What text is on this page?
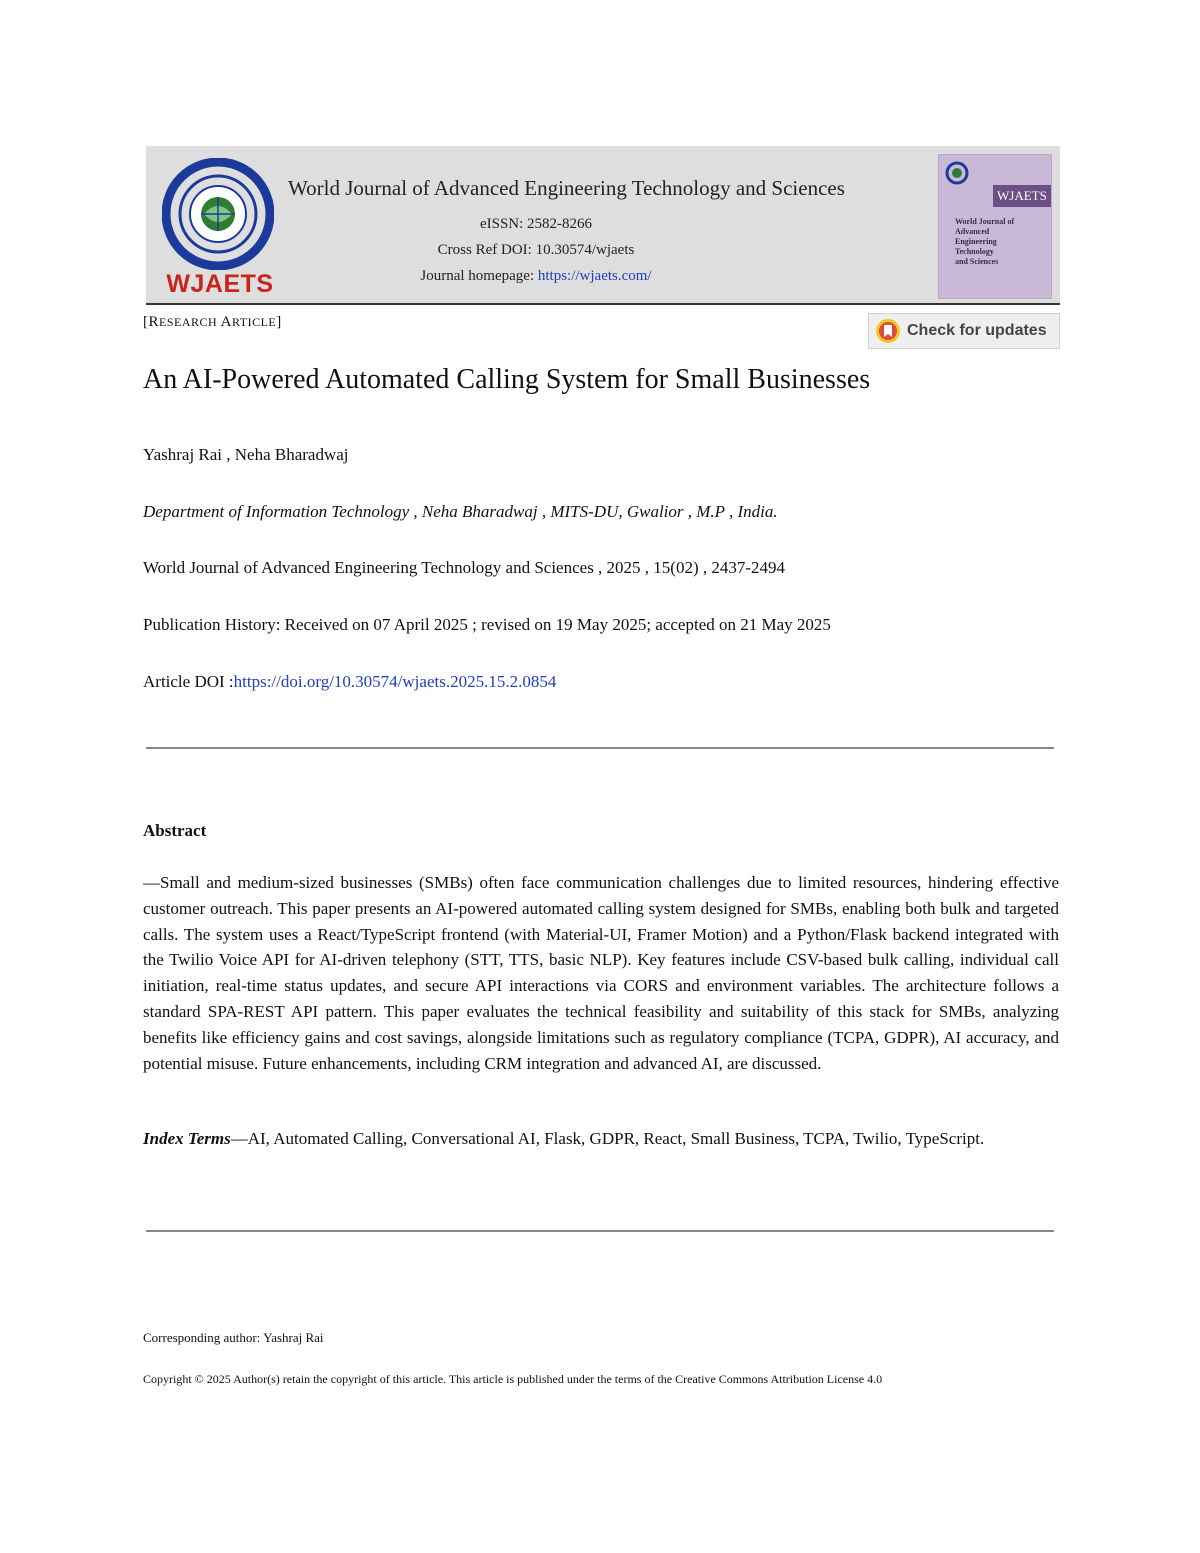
WJAETS
World Journal of Advanced Engineering Technology and Sciences
eISSN: 2582-8266
Cross Ref DOI: 10.30574/wjaets
Journal homepage: https://wjaets.com/
WJAETS
World Journal of
Advanced
Engineering
Technology
and Sciences
[RESEARCH ARTICLE]	Check for updates
An AI-Powered Automated Calling System for Small Businesses
Yashraj Rai , Neha Bharadwaj
Department of Information Technology , Neha Bharadwaj , MITS-DU, Gwalior , M.P , India.
World Journal of Advanced Engineering Technology and Sciences , 2025 , 15(02) , 2437-2494
Publication History: Received on 07 April 2025 ; revised on 19 May 2025; accepted on 21 May 2025
Article DOI :https://doi.org/10.30574/wjaets.2025.15.2.0854
Abstract
—Small and medium-sized businesses (SMBs) often face communication challenges due to limited resources, hindering effective customer outreach. This paper presents an AI-powered automated calling system designed for SMBs, enabling both bulk and targeted calls. The system uses a React/TypeScript frontend (with Material-UI, Framer Motion) and a Python/Flask backend integrated with the Twilio Voice API for AI-driven telephony (STT, TTS, basic NLP). Key features include CSV-based bulk calling, individual call initiation, real-time status updates, and secure API interactions via CORS and environment variables. The architecture follows a standard SPA-REST API pattern. This paper evaluates the technical feasibility and suitability of this stack for SMBs, analyzing benefits like efficiency gains and cost savings, alongside limitations such as regulatory compliance (TCPA, GDPR), AI accuracy, and potential misuse. Future enhancements, including CRM integration and advanced AI, are discussed.
Index Terms—AI, Automated Calling, Conversational AI, Flask, GDPR, React, Small Business, TCPA, Twilio, TypeScript.
Corresponding author: Yashraj Rai
Copyright © 2025 Author(s) retain the copyright of this article. This article is published under the terms of the Creative Commons Attribution License 4.0
